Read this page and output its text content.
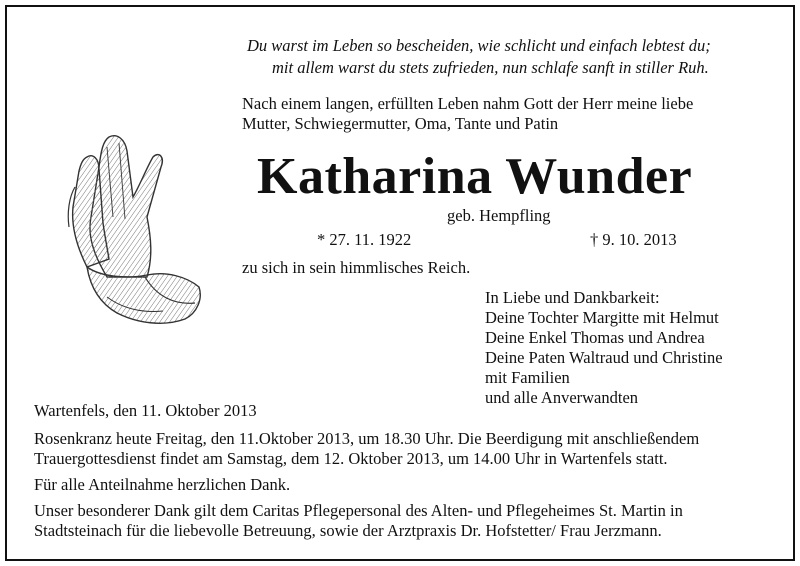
Du warst im Leben so bescheiden, wie schlicht und einfach lebtest du;
mit allem warst du stets zufrieden, nun schlafe sanft in stiller Ruh.
Nach einem langen, erfüllten Leben nahm Gott der Herr meine liebe
Mutter, Schwiegermutter, Oma, Tante und Patin
Katharina Wunder
geb. Hempfling
* 27. 11. 1922	† 9. 10. 2013
zu sich in sein himmlisches Reich.
In Liebe und Dankbarkeit:
Deine Tochter Margitte mit Helmut
Deine Enkel Thomas und Andrea
Deine Paten Waltraud und Christine
mit Familien
und alle Anverwandten
Wartenfels, den 11. Oktober 2013
Rosenkranz heute Freitag, den 11.Oktober 2013, um 18.30 Uhr. Die Beerdigung mit anschließendem
Trauergottesdienst findet am Samstag, dem 12. Oktober 2013, um 14.00 Uhr in Wartenfels statt.
Für alle Anteilnahme herzlichen Dank.
Unser besonderer Dank gilt dem Caritas Pflegepersonal des Alten- und Pflegeheimes St. Martin in
Stadtsteinach für die liebevolle Betreuung, sowie der Arztpraxis Dr. Hofstetter/ Frau Jerzmann.
